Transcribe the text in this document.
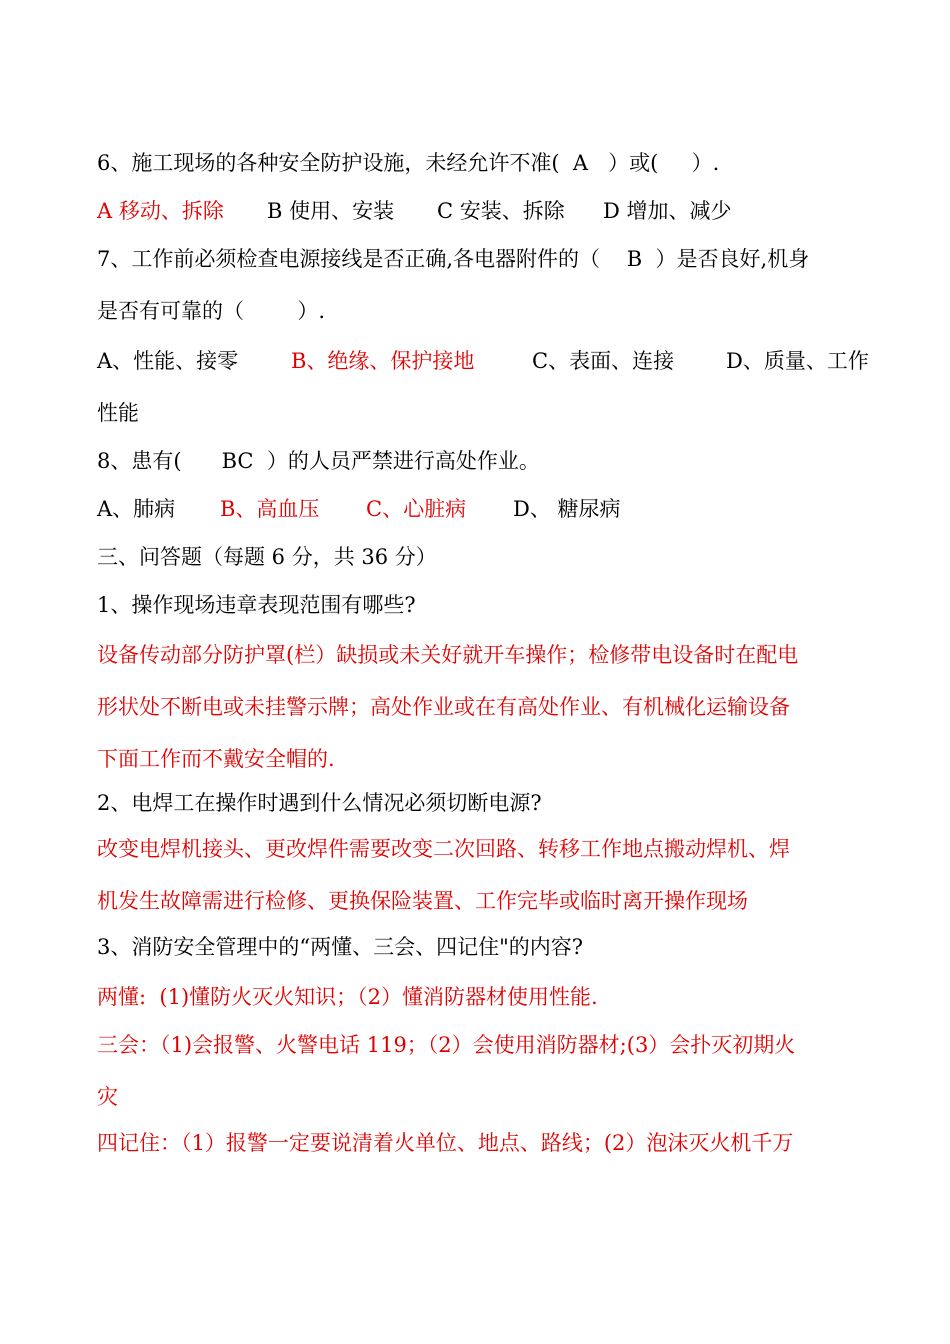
6、施工现场的各种安全防护设施，未经允许不准(  A   ）或(     ）.

A 移动、拆除 B 使用、安装 C 安装、拆除 D 增加、减少

7、工作前必须检查电源接线是否正确,各电器附件的（    B  ）是否良好,机身

是否有可靠的（        ）.

A、性能、接零	B、绝缘、保护接地	C、表面、连接 D、质量、工作

性能

8、患有(      BC  ）的人员严禁进行高处作业。

A、肺病 B、高血压 C、心脏病 D、 糖尿病

三、问答题（每题 6 分，共 36 分）

1、操作现场违章表现范围有哪些?

设备传动部分防护罩(栏）缺损或未关好就开车操作；检修带电设备时在配电

形状处不断电或未挂警示牌；高处作业或在有高处作业、有机械化运输设备

下面工作而不戴安全帽的.

2、电焊工在操作时遇到什么情况必须切断电源?

改变电焊机接头、更改焊件需要改变二次回路、转移工作地点搬动焊机、焊

机发生故障需进行检修、更换保险装置、工作完毕或临时离开操作现场

3、消防安全管理中的“两懂、三会、四记住"的内容?

两懂:  (1)懂防火灭火知识；（2）懂消防器材使用性能.

三会：（1)会报警、火警电话 119；（2）会使用消防器材;(3）会扑灭初期火

灾

四记住：（1）报警一定要说清着火单位、地点、路线；(2）泡沫灭火机千万
